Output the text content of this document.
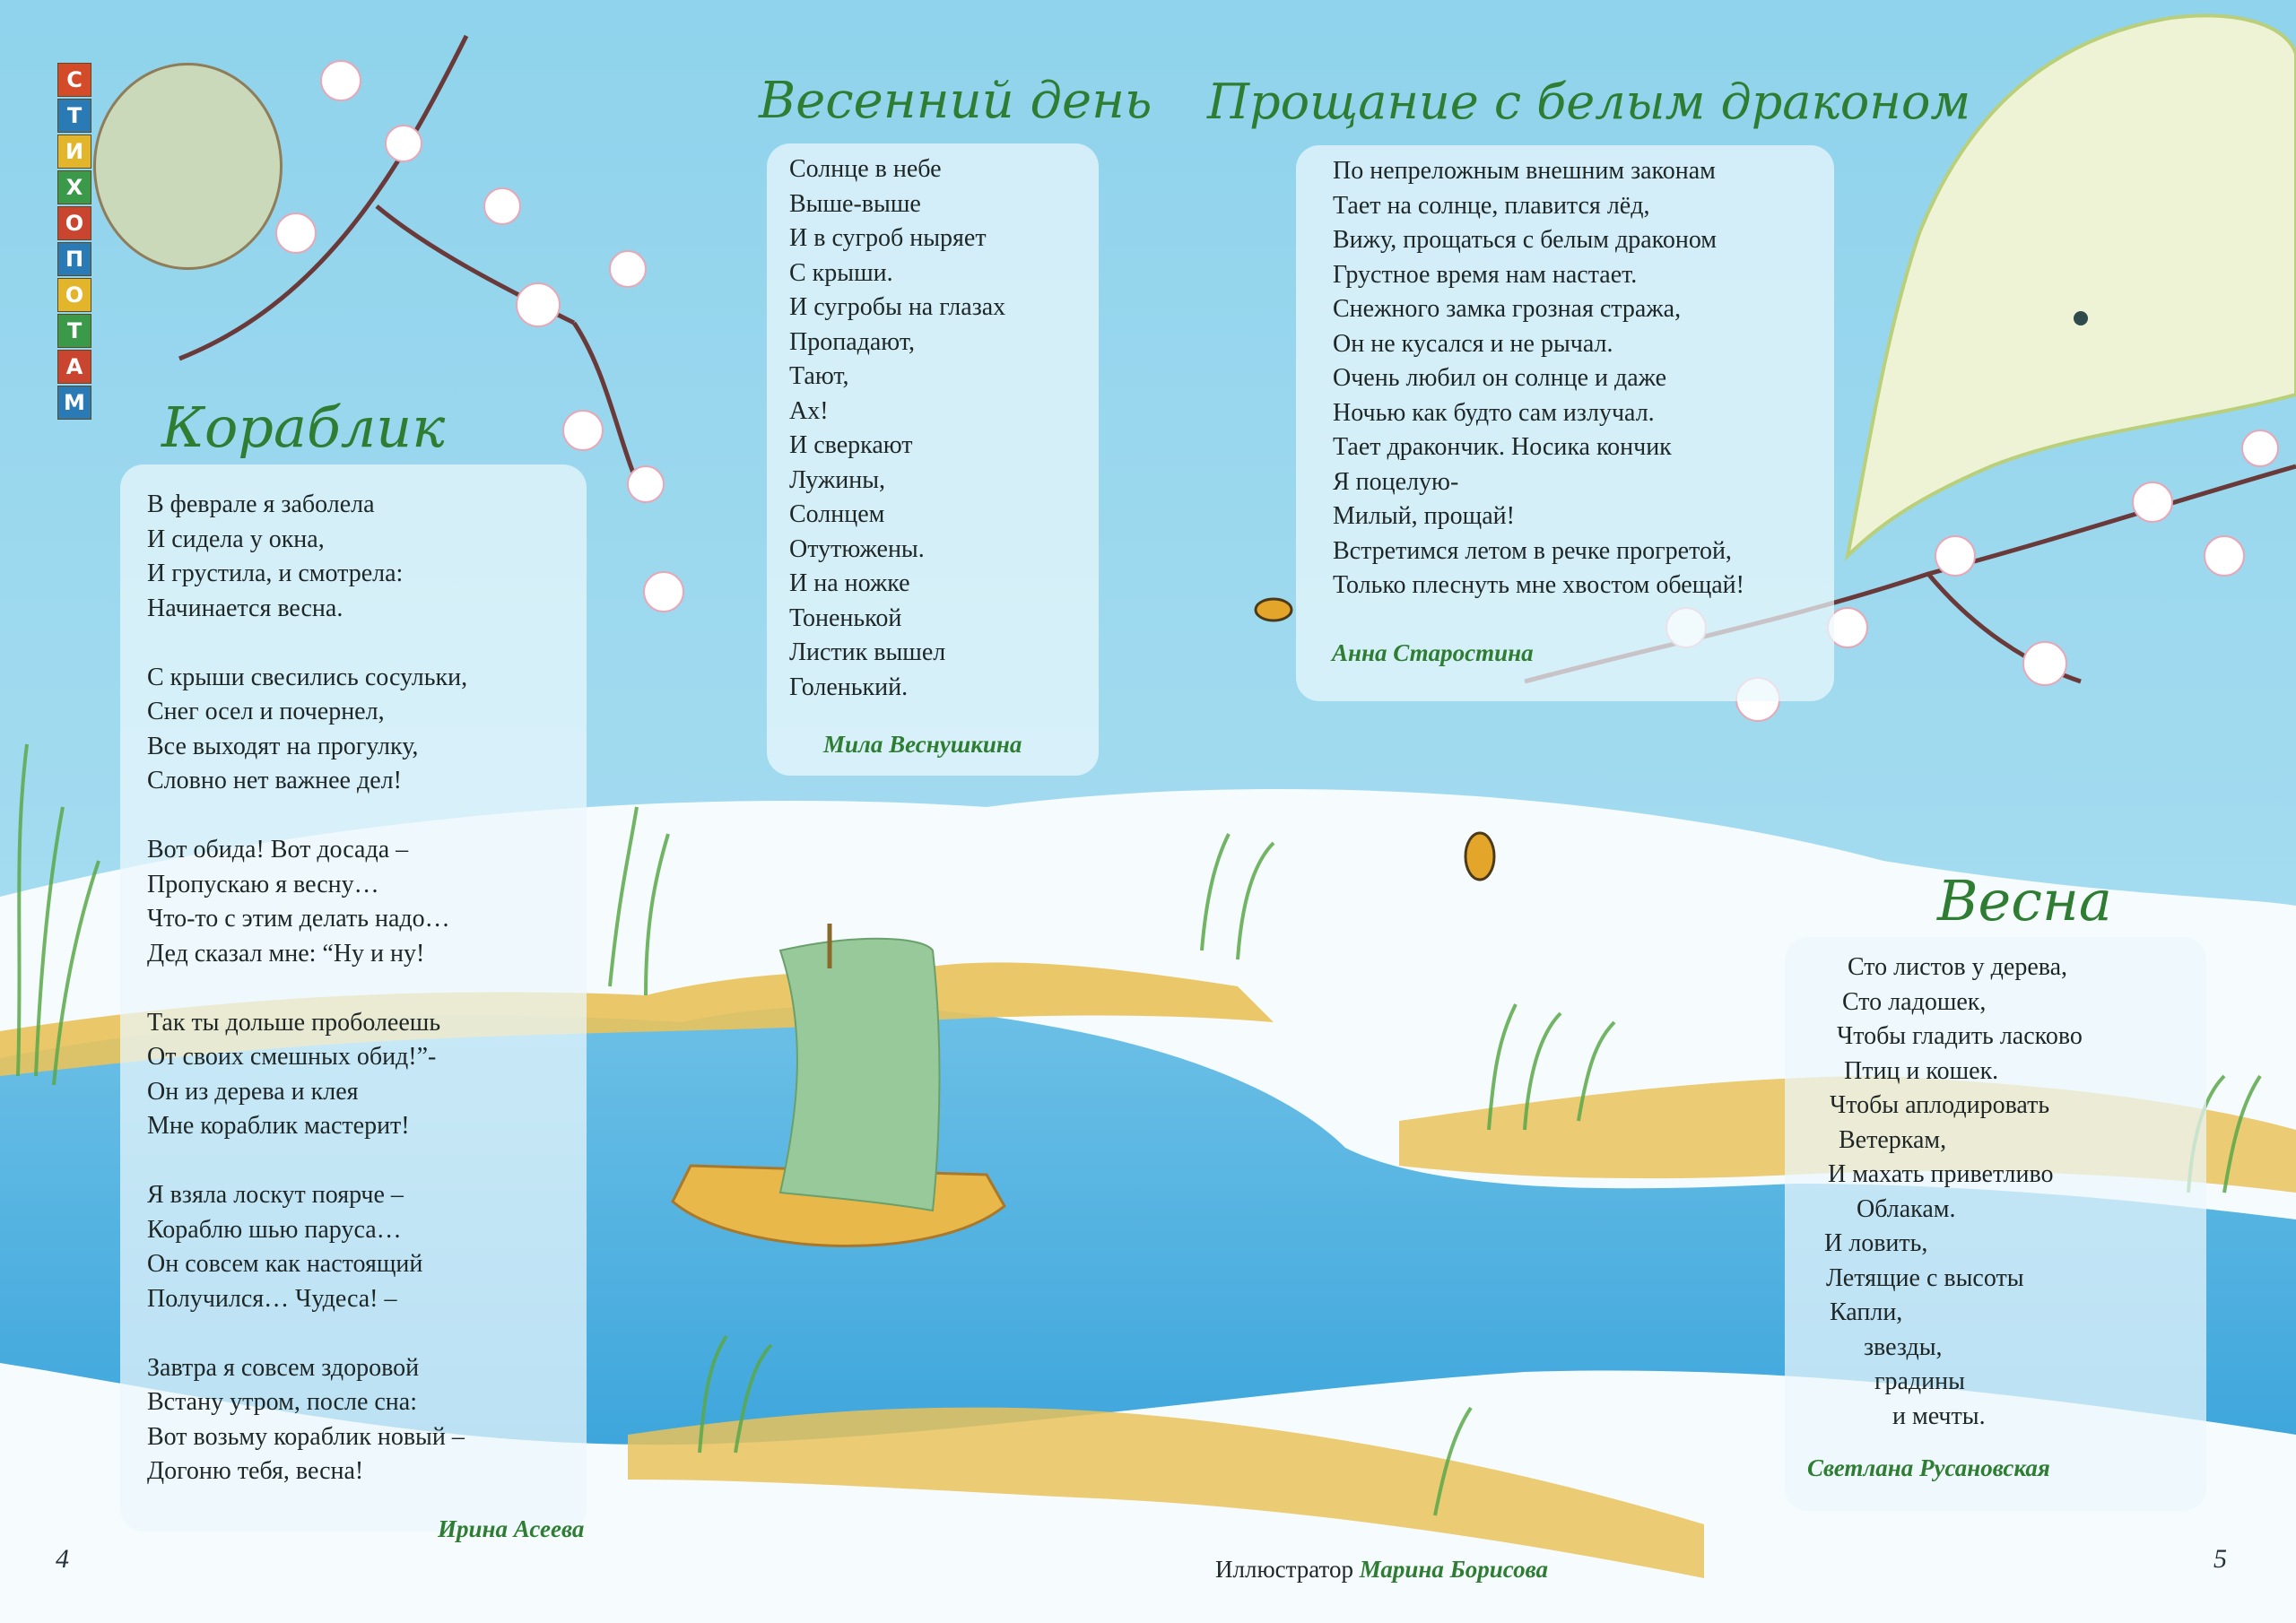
С
Т
И
Х
О
П
О
Т
А
М Кораблик
В феврале я заболела
И сидела у окна,
И грустила, и смотрела:
Начинается весна.
С крыши свесились сосульки,
Снег осел и почернел,
Все выходят на прогулку,
Словно нет важнее дел!
Вот обида! Вот досада –
Пропускаю я весну…
Что-то с этим делать надо…
Дед сказал мне: “Ну и ну!
Так ты дольше проболеешь
От своих смешных обид!”-
Он из дерева и клея
Мне кораблик мастерит!
Я взяла лоскут поярче –
Кораблю шью паруса…
Он совсем как настоящий
Получился… Чудеса! –
Завтра я совсем здоровой
Встану утром, после сна:
Вот возьму кораблик новый –
Догоню тебя, весна!
Ирина Асеева
Весенний день
Солнце в небе
Выше-выше
И в сугроб ныряет
С крыши.
И сугробы на глазах
Пропадают,
Тают,
Ах!
И сверкают
Лужины,
Солнцем
Отутюжены.
И на ножке
Тоненькой
Листик вышел
Голенький.
Мила Веснушкина
Прощание с белым драконом
По непреложным внешним законам
Тает на солнце, плавится лёд,
Вижу, прощаться с белым драконом
Грустное время нам настает.
Снежного замка грозная стража,
Он не кусался и не рычал.
Очень любил он солнце и даже
Ночью как будто сам излучал.
Тает дракончик. Носика кончик
Я поцелую-
Милый, прощай!
Встретимся летом в речке прогретой,
Только плеснуть мне хвостом обещай!
Анна Старостина
Весна
Сто листов у дерева,
Сто ладошек,
Чтобы гладить ласково
Птиц и кошек.
Чтобы аплодировать
Ветеркам,
И махать приветливо
Облакам.
И ловить,
Летящие с высоты
Капли,
звезды,
градины
и мечты.
Светлана Русановская
4	5
Иллюстратор Марина Борисова
